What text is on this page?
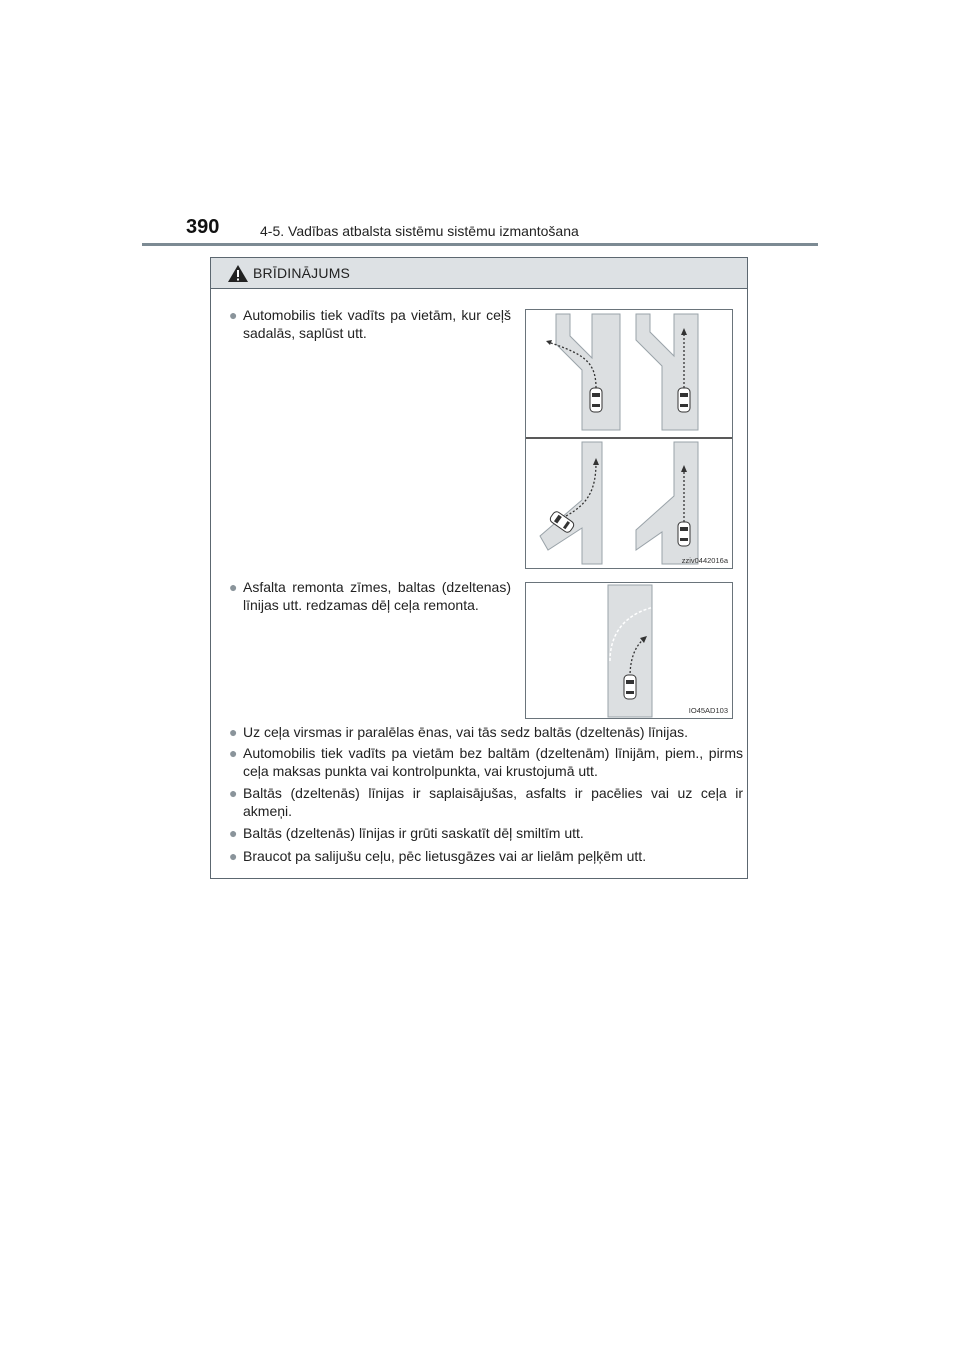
390	4-5. Vadības atbalsta sistēmu sistēmu izmantošana
BRĪDINĀJUMS
● Automobilis tiek vadīts pa vietām, kur ceļš sadalās, saplūst utt.
zziv0442016a
● Asfalta remonta zīmes, baltas (dzeltenas) līnijas utt. redzamas dēļ ceļa remonta.
IO45AD103
● Uz ceļa virsmas ir paralēlas ēnas, vai tās sedz baltās (dzeltenās) līnijas.
● Automobilis tiek vadīts pa vietām bez baltām (dzeltenām) līnijām, piem., pirms ceļa maksas punkta vai kontrolpunkta, vai krustojumā utt.
● Baltās (dzeltenās) līnijas ir saplaisājušas, asfalts ir pacēlies vai uz ceļa ir akmeņi.
● Baltās (dzeltenās) līnijas ir grūti saskatīt dēļ smiltīm utt.
● Braucot pa salijušu ceļu, pēc lietusgāzes vai ar lielām peļķēm utt.
